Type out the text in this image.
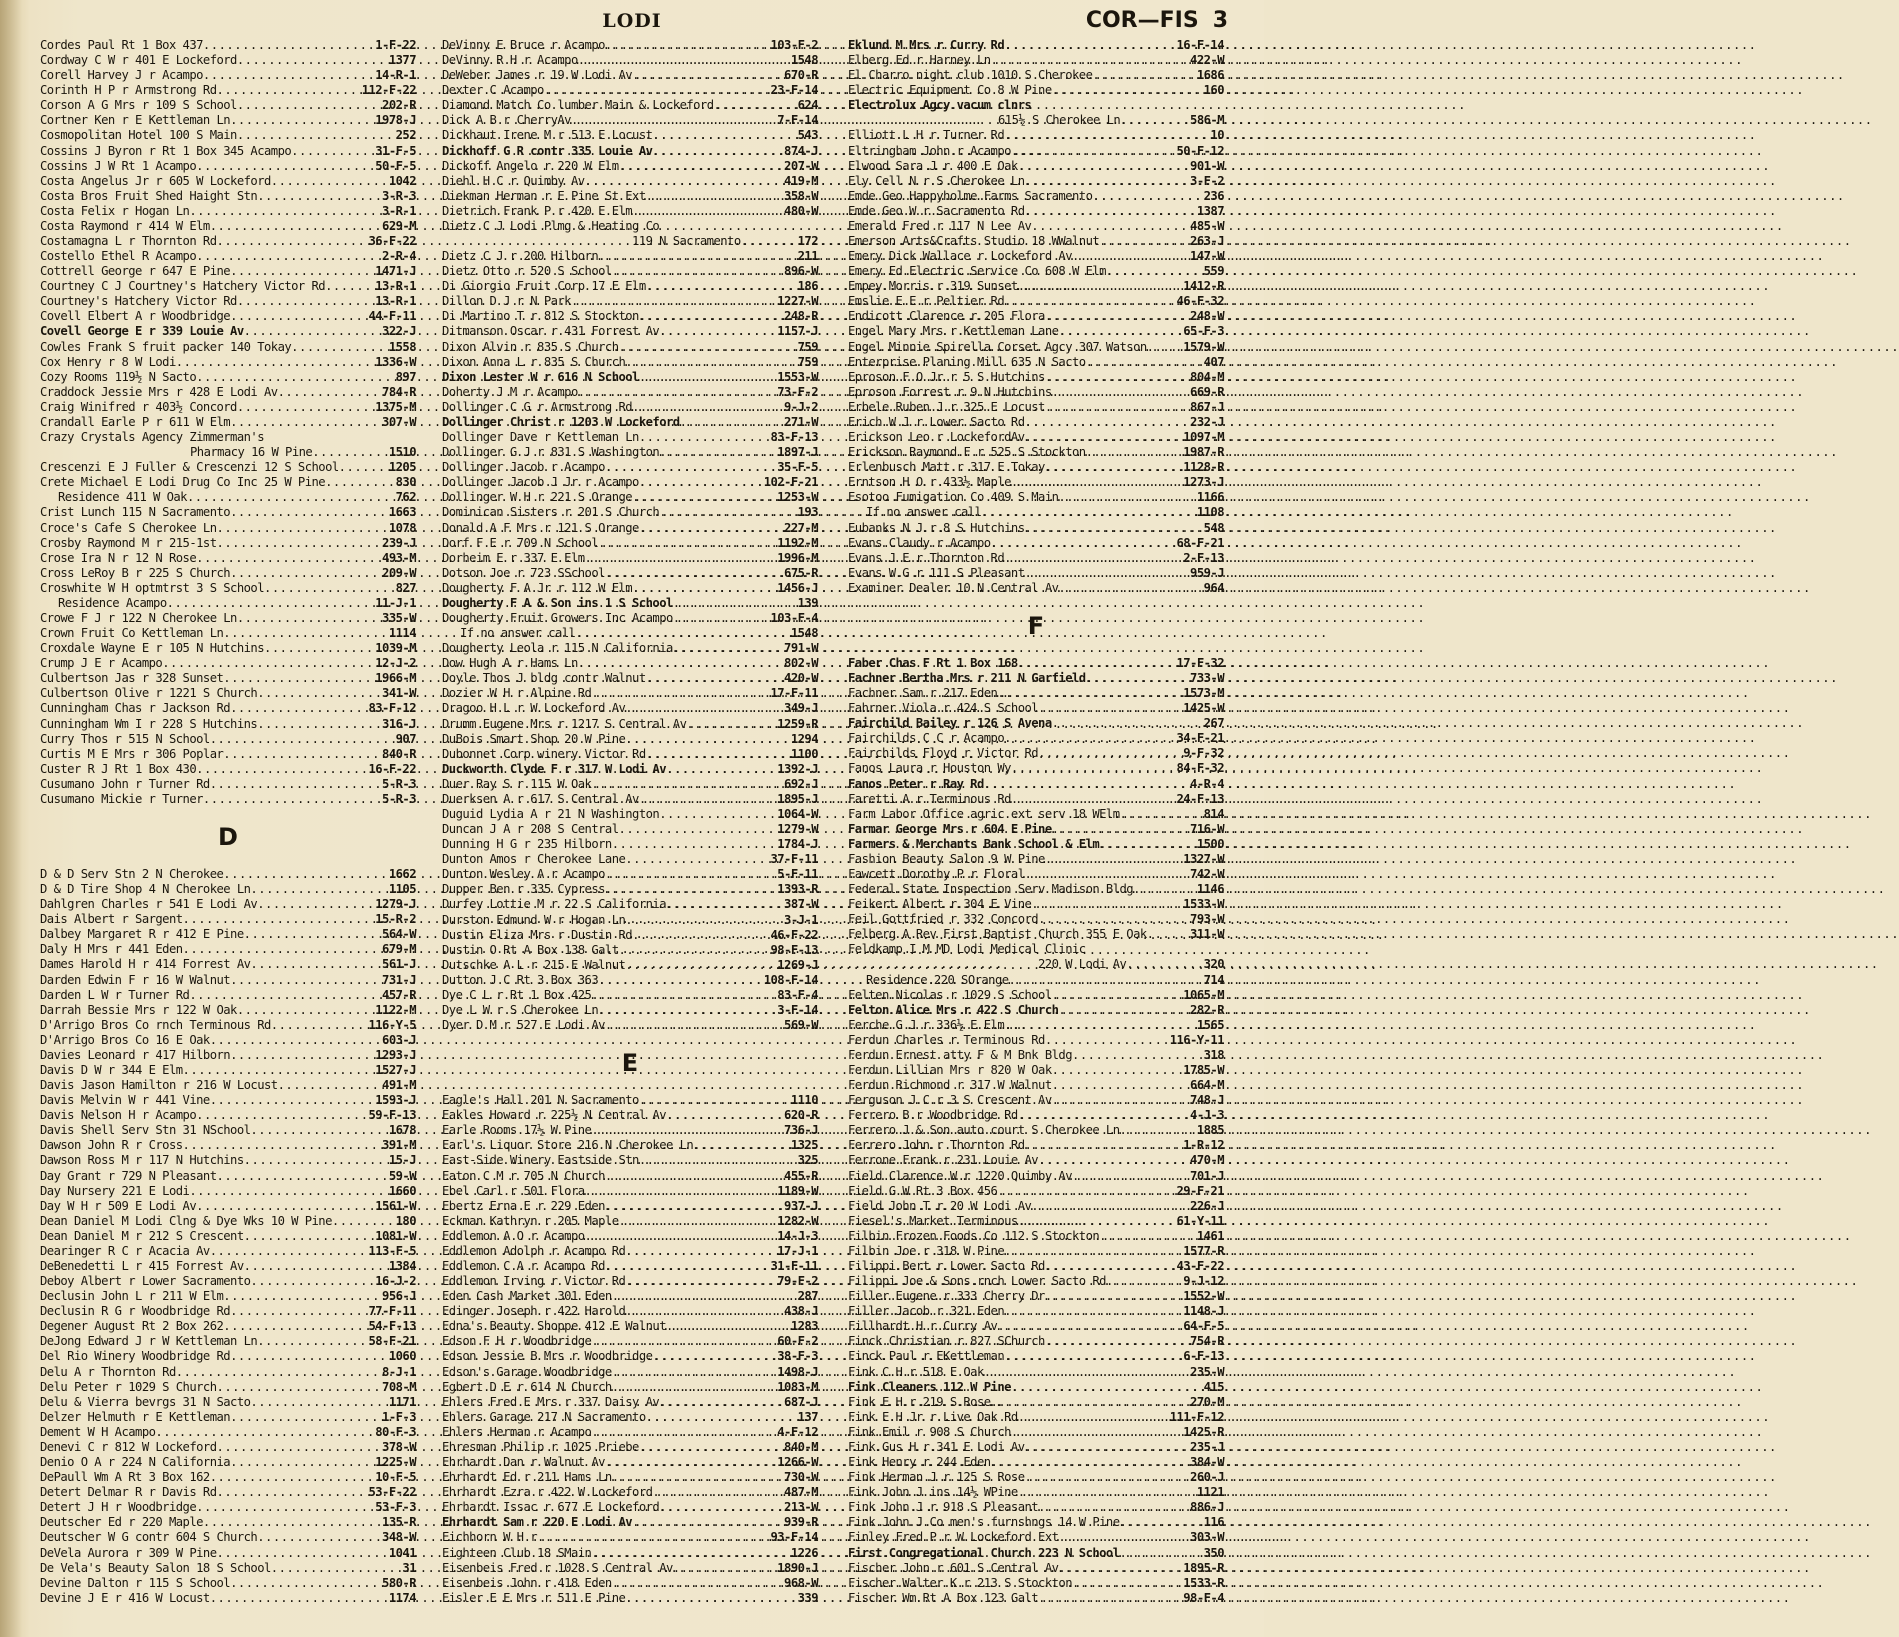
LODI	COR—FIS 3
Cordes Paul Rt 1 Box 437 .....	1-F-22
Cordway C W r 401 E Lockeford .....	1377
Corell Harvey J r Acampo .....	14-R-1
Corinth H P r Armstrong Rd .....	112-F-22
Corson A G Mrs r 109 S School .....	202-R
Cortner Ken r E Kettleman Ln .....	1978-J
Cosmopolitan Hotel 100 S Main .....	252
Cossins J Byron r Rt 1 Box 345 Acampo .....	31-F-5
Cossins J W Rt 1 Acampo .....	50-F-5
Costa Angelus Jr r 605 W Lockeford .....	1042
Costa Bros Fruit Shed Haight Stn .....	3-R-3
Costa Felix r Hogan Ln .....	3-R-1
Costa Raymond r 414 W Elm .....	629-M
Costamagna L r Thornton Rd .....	36-F-22
Costello Ethel R Acampo .....	2-R-4
Cottrell George r 647 E Pine .....	1471-J
Courtney C J Courtney's Hatchery Victor Rd .....	13-R-1
Courtney's Hatchery Victor Rd .....	13-R-1
Covell Elbert A r Woodbridge .....	44-F-11
Covell George E r 339 Louie Av .....	322-J
Cowles Frank S fruit packer 140 Tokay .....	1558
Cox Henry r 8 W Lodi .....	1336-W
Cozy Rooms 119½ N Sacto .....	897
Craddock Jessie Mrs r 428 E Lodi Av .....	784-R
Craig Winifred r 403½ Concord .....	1375-M
Crandall Earle P r 611 W Elm .....	307-W
Crazy Crystals Agency Zimmerman's
Pharmacy 16 W Pine .....	1510
Crescenzi E J Fuller & Crescenzi 12 S School .....	1205
Crete Michael E Lodi Drug Co Inc 25 W Pine .....	830
Residence 411 W Oak .....	762
Crist Lunch 115 N Sacramento .....	1663
Croce's Cafe S Cherokee Ln .....	1078
Crosby Raymond M r 215-1st .....	239-J
Crose Ira N r 12 N Rose .....	493-M
Cross LeRoy B r 225 S Church .....	209-W
Croswhite W H optmtrst 3 S School .....	827
Residence Acampo .....	11-J-1
Crowe F J r 122 N Cherokee Ln .....	335-W
Crown Fruit Co Kettleman Ln .....	1114
Croxdale Wayne E r 105 N Hutchins .....	1039-M
Crump J E r Acampo .....	12-J-2
Culbertson Jas r 328 Sunset .....	1966-M
Culbertson Olive r 1221 S Church .....	341-W
Cunningham Chas r Jackson Rd .....	83-F-12
Cunningham Wm I r 228 S Hutchins .....	316-J
Curry Thos r 515 N School .....	907
Curtis M E Mrs r 306 Poplar .....	840-R
Custer R J Rt 1 Box 430 .....	16-F-22
Cusumano John r Turner Rd .....	5-R-3
Cusumano Mickie r Turner .....	5-R-3
D
D & D Serv Stn 2 N Cherokee .....	1662
D & D Tire Shop 4 N Cherokee Ln .....	1105
Dahlgren Charles r 541 E Lodi Av .....	1279-J
Dais Albert r Sargent .....	15-R-2
Dalbey Margaret R r 412 E Pine .....	564-W
Daly H Mrs r 441 Eden .....	679-M
Dames Harold H r 414 Forrest Av .....	561-J
Darden Edwin F r 16 W Walnut .....	731-J
Darden L W r Turner Rd .....	457-R
Darrah Bessie Mrs r 122 W Oak .....	1122-M
D'Arrigo Bros Co rnch Terminous Rd .....	116-Y-5
D'Arrigo Bros Co 16 E Oak .....	603-J
Davies Leonard r 417 Hilborn .....	1293-J
Davis D W r 344 E Elm .....	1527-J
Davis Jason Hamilton r 216 W Locust .....	491-M
Davis Melvin W r 441 Vine .....	1593-J
Davis Nelson H r Acampo .....	59-F-13
Davis Shell Serv Stn 31 NSchool .....	1678
Dawson John R r Cross .....	391-M
Dawson Ross M r 117 N Hutchins .....	15-J
Day Grant r 729 N Pleasant .....	59-W
Day Nursery 221 E Lodi .....	1660
Day W H r 509 E Lodi Av .....	1561-W
Dean Daniel M Lodi Clng & Dye Wks 10 W Pine .....	180
Dean Daniel M r 212 S Crescent .....	1081-W
Dearinger R C r Acacia Av .....	113-F-5
DeBenedetti L r 415 Forrest Av .....	1384
Deboy Albert r Lower Sacramento .....	16-J-2
Declusin John L r 211 W Elm .....	956-J
Declusin R G r Woodbridge Rd .....	77-F-11
Degener August Rt 2 Box 262 .....	54-F-13
DeJong Edward J r W Kettleman Ln .....	58-F-21
Del Rio Winery Woodbridge Rd .....	1060
Delu A r Thornton Rd .....	8-J-1
Delu Peter r 1029 S Church .....	708-M
Delu & Vierra bevrgs 31 N Sacto .....	1171
Delzer Helmuth r E Kettleman .....	1-F-3
Dement W H Acampo .....	80-F-3
Denevi C r 812 W Lockeford .....	378-W
Denio O A r 224 N California .....	1225-W
DePaull Wm A Rt 3 Box 162 .....	10-F-5
Detert Delmar R r Davis Rd .....	53-F-22
Detert J H r Woodbridge .....	53-F-3
Deutscher Ed r 220 Maple .....	135-R
Deutscher W G contr 604 S Church .....	348-W
DeVela Aurora r 309 W Pine .....	1041
De Vela's Beauty Salon 18 S School .....	31
Devine Dalton r 115 S School .....	580-R
Devine J E r 416 W Locust .....	1174
DeVinny E Bruce r Acampo .....	103-F-2
DeVinny R H r Acampo .....	1548
DeWeber James r 19 W Lodi Av .....	670-R
Dexter C Acampo .....	23-F-14
Diamond Match Co lumber Main & Lockeford .....	624
Dick A B r CherryAv .....	7-F-14
Dickhaut Irene M r 513 E Locust .....	543
Dickhoff G R contr 335 Louie Av .....	874-J
Dickoff Angelo r 220 W Elm .....	207-W
Diehl H C r Quimby Av .....	419-M
Diekman Herman r E Pine St Ext .....	358-W
Dietrich Frank P r 420 E Elm .....	480-W
Dietz C J Lodi Plmg & Heating Co
119 N Sacramento .....	172
Dietz C J r 200 Hilborn .....	211
Dietz Otto r 520 S School .....	896-W
Di Giorgio Fruit Corp 17 E Elm .....	186
Dillon D J r N Park .....	1227-W
Di Martino T r 812 S Stockton .....	248-R
Ditmanson Oscar r 431 Forrest Av .....	1157-J
Dixon Alvin r 835 S Church .....	759
Dixon Anna L r 835 S Church .....	759
Dixon Lester W r 616 N School .....	1553-W
Doherty J M r Acampo .....	73-F-2
Dollinger C G r Armstrong Rd .....	9-J-2
Dollinger Christ r 1203 W Lockeford .....	271-W
Dollinger Dave r Kettleman Ln .....	83-F-13
Dollinger G J r 831 S Washington .....	1897-J
Dollinger Jacob r Acampo .....	35-F-5
Dollinger Jacob J Jr r Acampo .....	102-F-21
Dollinger W H r 221 S Orange .....	1253-W
Dominican Sisters r 201 S Church .....	193
Donald A F Mrs r 121 S Orange .....	227-M
Dorf F E r 709 N School .....	1192-M
Dorheim E r 337 E Elm .....	1996-M
Dotson Joe r 723 SSchool .....	675-R
Dougherty F A Jr r 112 W Elm .....	1456-J
Dougherty F A & Son ins 1 S School .....	139
Dougherty Fruit Growers Inc Acampo .....	103-F-4
If no answer call .....	1548
Dougherty Leola r 115 N California .....	791-W
Dow Hugh A r Hams Ln .....	802-W
Doyle Thos J bldg contr Walnut .....	420-W
Dozier W H r Alpine Rd .....	17-F-11
Dragoo H L r W Lockeford Av .....	349-J
Drumm Eugene Mrs r 1217 S Central Av .....	1259-R
DuBois Smart Shop 20 W Pine .....	1294
Dubonnet Corp winery Victor Rd .....	1100
Duckworth Clyde F r 317 W Lodi Av .....	1392-J
Duer Ray S r 115 W Oak .....	692-J
Duerksen A r 617 S Central Av .....	1895-J
Duguid Lydia A r 21 N Washington .....	1064-W
Duncan J A r 208 S Central .....	1279-W
Dunning H G r 235 Hilborn .....	1784-J
Dunton Amos r Cherokee Lane .....	37-F-11
Dunton Wesley A r Acampo .....	5-F-11
Dupper Ben r 335 Cypress .....	1393-R
Durfey Lottie M r 22 S California .....	387-W
Durston Edmund W r Hogan Ln .....	3-J-1
Dustin Eliza Mrs r Dustin Rd .....	46-F-22
Dustin O Rt A Box 138 Galt .....	98-F-13
Dutschke A L r 215 E Walnut .....	1269-J
Dutton J C Rt 3 Box 363 .....	108-F-14
Dye C L r Rt 1 Box 425 .....	83-F-4
Dye L W r S Cherokee Ln .....	3-F-14
Dyer D M r 527 E Lodi Av .....	569-W
E
Eagle's Hall 201 N Sacramento .....	1110
Eakles Howard r 225½ N Central Av .....	620-R
Earle Rooms 17½ W Pine .....	736-J
Earl's Liquor Store 216 N Cherokee Ln .....	1325
East-Side Winery Eastside Stn .....	325
Eaton C M r 705 N Church .....	455-R
Ebel Carl r 501 Flora .....	1189-W
Ebertz Erna E r 229 Eden .....	937-J
Eckman Kathryn r 205 Maple .....	1282-W
Eddlemon A O r Acampo .....	14-J-3
Eddlemon Adolph r Acampo Rd .....	17-J-1
Eddlemon C A r Acampo Rd .....	31-F-11
Eddlemon Irving r Victor Rd .....	79-F-2
Eden Cash Market 301 Eden .....	287
Edinger Joseph r 422 Harold .....	438-J
Edna's Beauty Shoppe 412 E Walnut .....	1283
Edson F H r Woodbridge .....	60-F-2
Edson Jessie B Mrs r Woodbridge .....	38-F-3
Edson's Garage Woodbridge .....	1498-J
Egbert D E r 614 N Church .....	1083-M
Ehlers Fred E Mrs r 337 Daisy Av .....	687-J
Ehlers Garage 217 N Sacramento .....	137
Ehlers Herman r Acampo .....	4-F-12
Ehresman Philip r 1025 Priebe .....	840-M
Ehrhardt Dan r Walnut Av .....	1266-W
Ehrhardt Ed r 211 Hams Ln .....	730-W
Ehrhardt Ezra r 422 W Lockeford .....	487-M
Ehrhardt Issac r 677 E Lockeford .....	213-W
Ehrhardt Sam r 220 E Lodi Av .....	939-R
Eichhorn W H r .....	93-F-14
Eighteen Club 18 SMain .....	1226
Eisenbeis Fred r 1028 S Central Av .....	1890-J
Eisenbeis John r 418 Eden .....	968-W
Eisler E E Mrs r 511 E Pine .....	339
Eklund M Mrs r Curry Rd .....	16-F-14
Elberg Ed r Harney Ln .....	422-W
El Charro night club 1010 S Cherokee .....	1686
Electric Equipment Co 8 W Pine .....	160
Electrolux Agcy vacum clnrs
615½ S Cherokee Ln .....	586-M
Elliott L H r Turner Rd .....	10
Eltringham John r Acampo .....	50-F-12
Elwood Sara J r 400 E Oak .....	901-W
Ely Cell N r S Cherokee Ln .....	3-F-2
Emde Geo Happyholme Farms Sacramento .....	236
Emde Geo W r Sacramento Rd .....	1387
Emerald Fred r 117 N Lee Av .....	485-W
Emerson Arts&Crafts Studio 18 WWalnut .....	263-J
Emery Dick Wallace r Lockeford Av .....	147-W
Emery Ed Electric Service Co 608 W Elm .....	559
Empey Morris r 319 Sunset .....	1412-R
Emslie E E r Peltier Rd .....	46-F-32
Endicott Clarence r 205 Flora .....	248-W
Engel Mary Mrs r Kettleman Lane .....	65-F-3
Engel Minnie Spirella Corset Agcy 307 Watson .....	1579-W
Enterprise Planing Mill 635 N Sacto .....	407
Eproson F O Jr r 5 S Hutchins .....	804-M
Eproson Forrest r 9 N Hutchins .....	669-R
Erbele Ruben J r 325 E Locust .....	867-J
Erich W J r Lower Sacto Rd .....	232-J
Erickson Leo r LockefordAv .....	1097-M
Erickson Raymond F r 525 S Stockton .....	1987-R
Erlenbusch Matt r 317 E Tokay .....	1128-R
Erntson H O r 433½ Maple .....	1273-J
Esotoo Fumigation Co 409 S Main .....	1166
If no answer call .....	1108
Eubanks N J r 8 S Hutchins .....	548
Evans Claudy r Acampo .....	68-F-21
Evans J E r Thornton Rd .....	2-F-13
Evans W G r 111 S Pleasant .....	959-J
Examiner Dealer 10 N Central Av .....	964
F
Faber Chas F Rt 1 Box 168 .....	17-F-32
Fachner Bertha Mrs r 211 N Garfield .....	733-W
Fachner Sam r 217 Eden .....	1573-M
Fahrner Viola r 424 S School .....	1425-W
Fairchild Bailey r 126 S Avena .....	267
Fairchilds C C r Acampo .....	34-F-21
Fairchilds Floyd r Victor Rd .....	9-F-32
Fanos Laura r Houston Wy .....	84-F-32
Fanos Peter r Ray Rd .....	4-R-4
Faretti A r Terminous Rd .....	24-F-13
Farm Labor Office agric ext serv 18 WElm .....	814
Farmar George Mrs r 604 E Pine .....	716-W
Farmers & Merchants Bank School & Elm .....	1500
Fashion Beauty Salon 9 W Pine .....	1327-W
Fawcett Dorothy P r Floral .....	742-W
Federal State Inspection Serv Madison Bldg .....	1146
Feikert Albert r 304 E Vine .....	1533-W
Feil Gottfried r 332 Concord .....	793-W
Felberg A Rev First Baptist Church 355 E Oak .....	311-W
Feldkamp I M MD Lodi Medical Clinic
220 W Lodi Av .....	320
Residence 220 SOrange .....	714
Felten Nicolas r 1029 S School .....	1065-M
Felton Alice Mrs r 422 S Church .....	282-R
Ferche G J r 336½ E Elm .....	1565
Ferdun Charles r Terminous Rd .....	116-Y-11
Ferdun Ernest atty F & M Bnk Bldg .....	318
Ferdun Lillian Mrs r 820 W Oak .....	1785-W
Ferdun Richmond r 317 W Walnut .....	664-M
Ferguson J C r 3 S Crescent Av .....	748-J
Ferrero B r Woodbridge Rd .....	4-J-3
Ferrero J & Son auto court S Cherokee Ln .....	1885
Ferrero John r Thornton Rd .....	1-R-12
Ferrone Frank r 231 Louie Av .....	470-M
Field Clarence W r 1220 Quimby Av .....	701-J
Field G W Rt 3 Box 456 .....	29-F-21
Field John T r 20 W Lodi Av .....	226-J
Fiesel's Market Terminous .....	61-Y-11
Filbin Frozen Foods Co 112 S Stockton .....	1461
Filbin Joe r 318 W Pine .....	1577-R
Filippi Bert r Lower Sacto Rd .....	43-F-22
Filippi Joe & Sons rnch Lower Sacto Rd .....	9-J-12
Filler Eugene r 333 Cherry Dr .....	1552-W
Filler Jacob r 321 Eden .....	1148-J
Fillhardt H r Curry Av .....	64-F-5
Finck Christian r 827 SChurch .....	754-R
Finck Paul r EKettleman .....	6-F-13
Fink C H r 518 E Oak .....	235-W
Fink Cleaners 112 W Pine .....	415
Fink E H r 219 S Rose .....	270-M
Fink E H Jr r Live Oak Rd .....	111-F-12
Fink Emil r 908 S Church .....	1425-R
Fink Gus H r 341 E Lodi Av .....	235-J
Fink Henry r 244 Eden .....	384-W
Fink Herman J r 125 S Rose .....	260-J
Fink John J ins 14½ WPine .....	1121
Fink John J r 918 S Pleasant .....	886-J
Fink John J Co men's furnshngs 14 W Pine .....	116
Finley Fred P r W Lockeford Ext .....	303-W
First Congregational Church 223 N School .....	350
Fischer John r 601 S Central Av .....	1895-R
Fischer Walter K r 213 S Stockton .....	1533-R
Fischer Wm Rt A Box 123 Galt .....	98-F-4
